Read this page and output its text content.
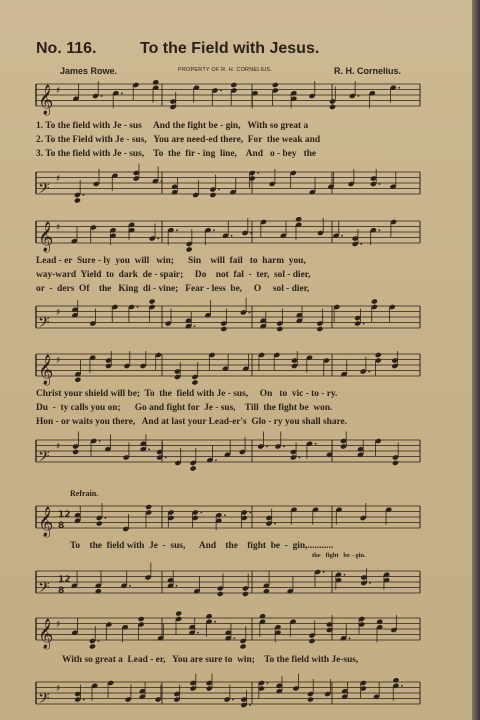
No. 116.	To the Field with Jesus.
James Rowe.	PROPERTY OF R. H. CORNELIUS.	R. H. Cornelius.
𝄞 ♯
1. To the field with Je - sus     And the fight be - gin,   With so great a
2. To the Field with Je - sus,   You are need-ed there,  For  the weak and
3. To the field with Je - sus,    To  the  fir - ing  line,    And   o - bey   the
𝄢
♯
𝄞 ♯
Lead - er  Sure - ly  you  will   win;      Sin    will  fail   to  harm  you,
way-ward  Yield  to  dark  de - spair;     Do    not  fal  -  ter,  sol - dier,
or  -  ders  Of    the   King  di - vine;   Fear - less  be,     O     sol - dier,
𝄢
♯
𝄞 ♯
Christ your shield will be;  To  the  field with Je - sus,     On   to  vic - to - ry.
Du  -  ty calls you on;      Go and fight for  Je - sus,    Till  the fight be  won.
Hon - or waits you there,   And at last your Lead-er's  Glo - ry you shall share.
𝄢
♯
Refrain.
𝄞 12
8
To    the  field with  Je  -  sus,      And    the    fight  be  -  gin,...........
the   fight   be - gin.
𝄢 12
8
𝄞 ♯
With so great a  Lead - er,   You are sure to  win;    To the field with Je-sus,
𝄢
♯
